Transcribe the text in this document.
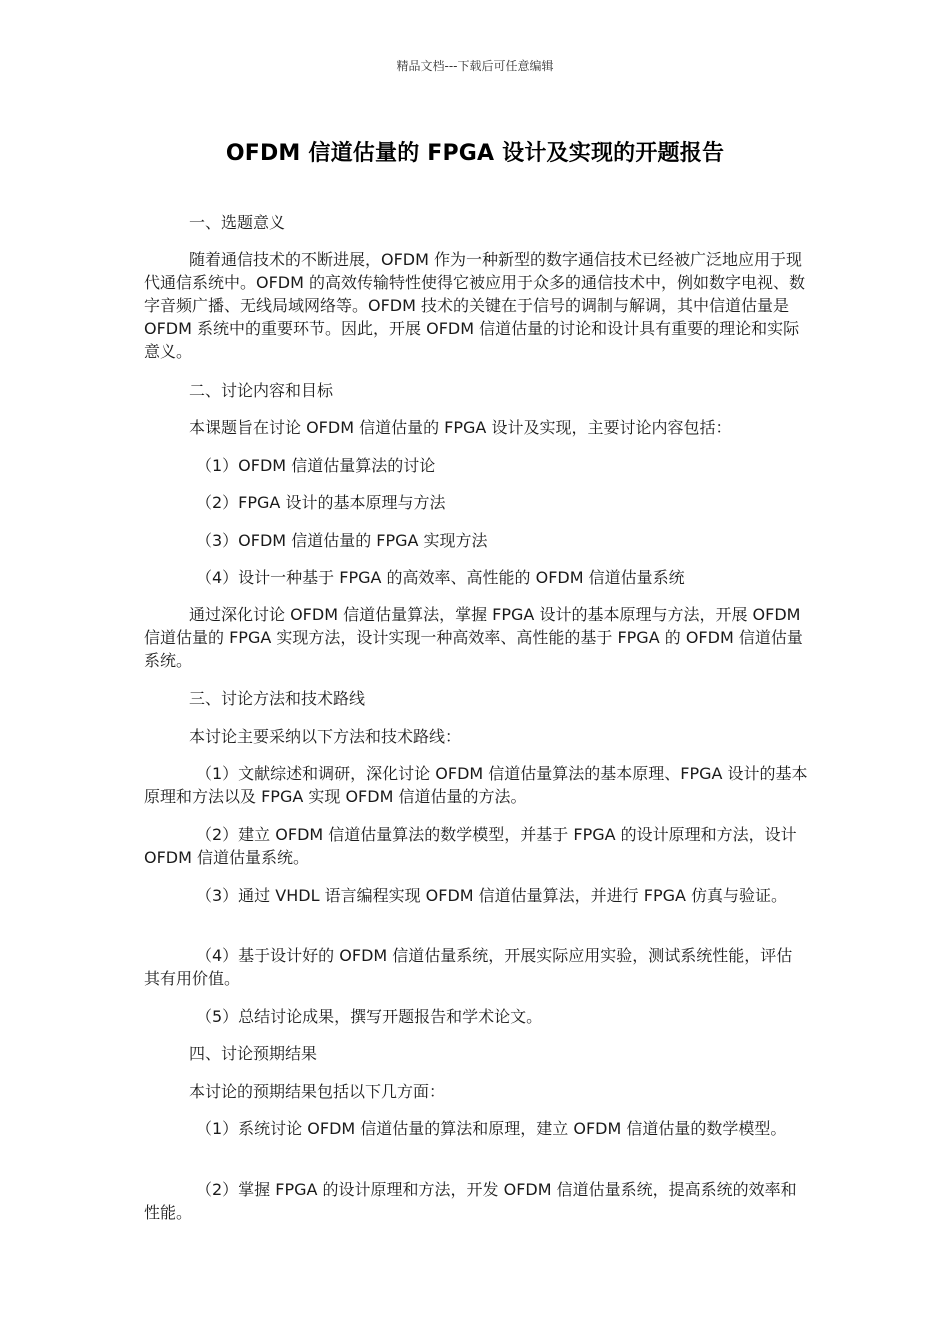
精品文档---下载后可任意编辑
OFDM 信道估量的 FPGA 设计及实现的开题报告

一、选题意义

随着通信技术的不断进展，OFDM 作为一种新型的数字通信技术已经被广泛地应用于现代通信系统中。OFDM 的高效传输特性使得它被应用于众多的通信技术中，例如数字电视、数字音频广播、无线局域网络等。OFDM 技术的关键在于信号的调制与解调，其中信道估量是 OFDM 系统中的重要环节。因此，开展 OFDM 信道估量的讨论和设计具有重要的理论和实际意义。

二、讨论内容和目标

本课题旨在讨论 OFDM 信道估量的 FPGA 设计及实现，主要讨论内容包括：

（1）OFDM 信道估量算法的讨论

（2）FPGA 设计的基本原理与方法

（3）OFDM 信道估量的 FPGA 实现方法

（4）设计一种基于 FPGA 的高效率、高性能的 OFDM 信道估量系统

通过深化讨论 OFDM 信道估量算法，掌握 FPGA 设计的基本原理与方法，开展 OFDM 信道估量的 FPGA 实现方法，设计实现一种高效率、高性能的基于 FPGA 的 OFDM 信道估量系统。

三、讨论方法和技术路线

本讨论主要采纳以下方法和技术路线：

（1）文献综述和调研，深化讨论 OFDM 信道估量算法的基本原理、FPGA 设计的基本原理和方法以及 FPGA 实现 OFDM 信道估量的方法。

（2）建立 OFDM 信道估量算法的数学模型，并基于 FPGA 的设计原理和方法，设计 OFDM 信道估量系统。

（3）通过 VHDL 语言编程实现 OFDM 信道估量算法，并进行 FPGA 仿真与验证。

（4）基于设计好的 OFDM 信道估量系统，开展实际应用实验，测试系统性能，评估其有用价值。

（5）总结讨论成果，撰写开题报告和学术论文。

四、讨论预期结果

本讨论的预期结果包括以下几方面：

（1）系统讨论 OFDM 信道估量的算法和原理，建立 OFDM 信道估量的数学模型。

（2）掌握 FPGA 的设计原理和方法，开发 OFDM 信道估量系统，提高系统的效率和性能。
